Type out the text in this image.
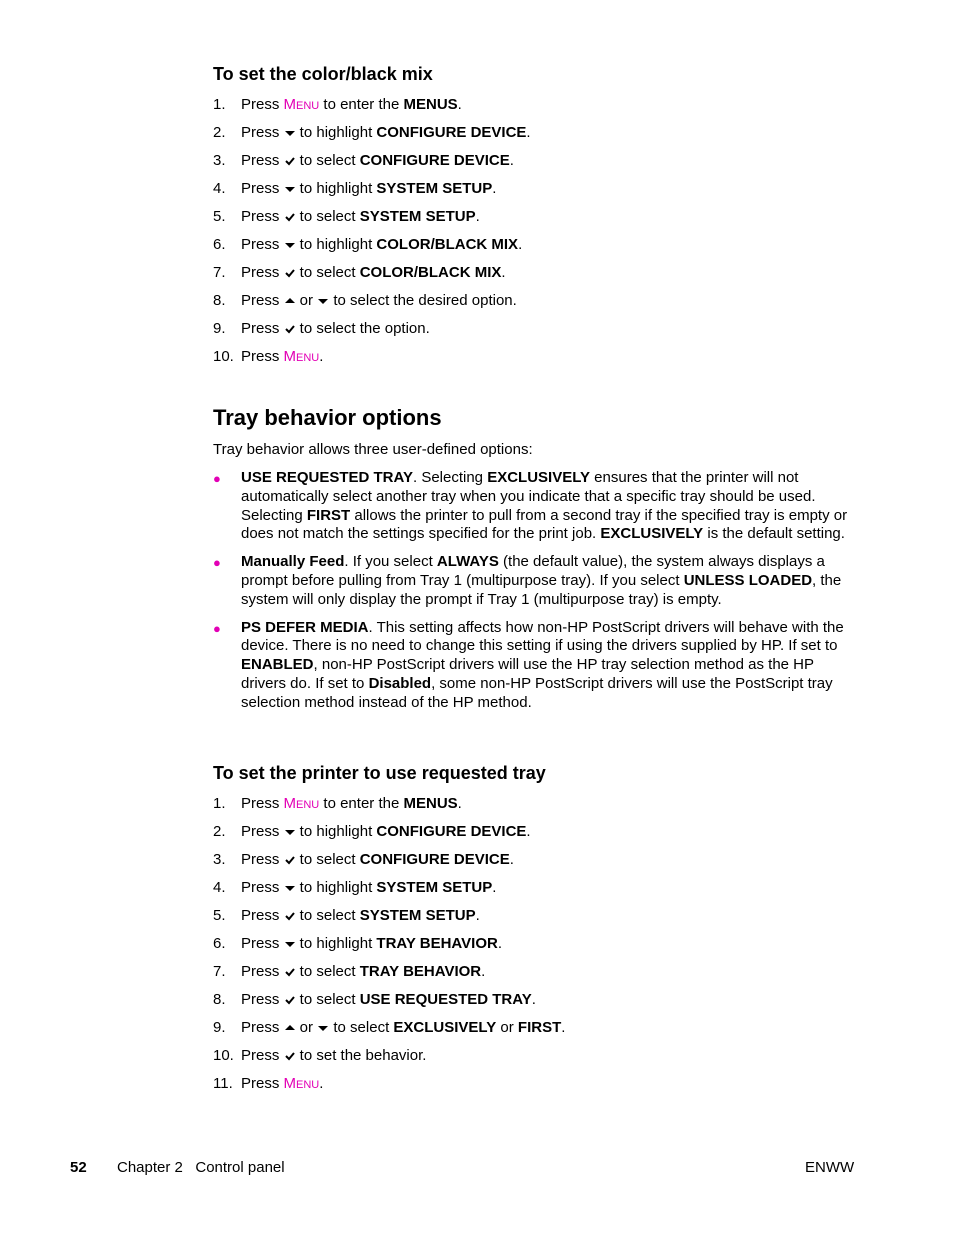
To set the color/black mix
1. Press Menu to enter the MENUS.
2. Press  to highlight CONFIGURE DEVICE.
3. Press  to select CONFIGURE DEVICE.
4. Press  to highlight SYSTEM SETUP.
5. Press  to select SYSTEM SETUP.
6. Press  to highlight COLOR/BLACK MIX.
7. Press  to select COLOR/BLACK MIX.
8. Press  or  to select the desired option.
9. Press  to select the option.
10. Press Menu.
Tray behavior options
Tray behavior allows three user-defined options:
● USE REQUESTED TRAY. Selecting EXCLUSIVELY ensures that the printer will not automatically select another tray when you indicate that a specific tray should be used. Selecting FIRST allows the printer to pull from a second tray if the specified tray is empty or does not match the settings specified for the print job. EXCLUSIVELY is the default setting.
● Manually Feed. If you select ALWAYS (the default value), the system always displays a prompt before pulling from Tray 1 (multipurpose tray). If you select UNLESS LOADED, the system will only display the prompt if Tray 1 (multipurpose tray) is empty.
● PS DEFER MEDIA. This setting affects how non-HP PostScript drivers will behave with the device. There is no need to change this setting if using the drivers supplied by HP. If set to ENABLED, non-HP PostScript drivers will use the HP tray selection method as the HP drivers do. If set to Disabled, some non-HP PostScript drivers will use the PostScript tray selection method instead of the HP method.
To set the printer to use requested tray
1. Press Menu to enter the MENUS.
2. Press  to highlight CONFIGURE DEVICE.
3. Press  to select CONFIGURE DEVICE.
4. Press  to highlight SYSTEM SETUP.
5. Press  to select SYSTEM SETUP.
6. Press  to highlight TRAY BEHAVIOR.
7. Press  to select TRAY BEHAVIOR.
8. Press  to select USE REQUESTED TRAY.
9. Press  or  to select EXCLUSIVELY or FIRST.
10. Press  to set the behavior.
11. Press Menu.
52 Chapter 2   Control panel	ENWW
